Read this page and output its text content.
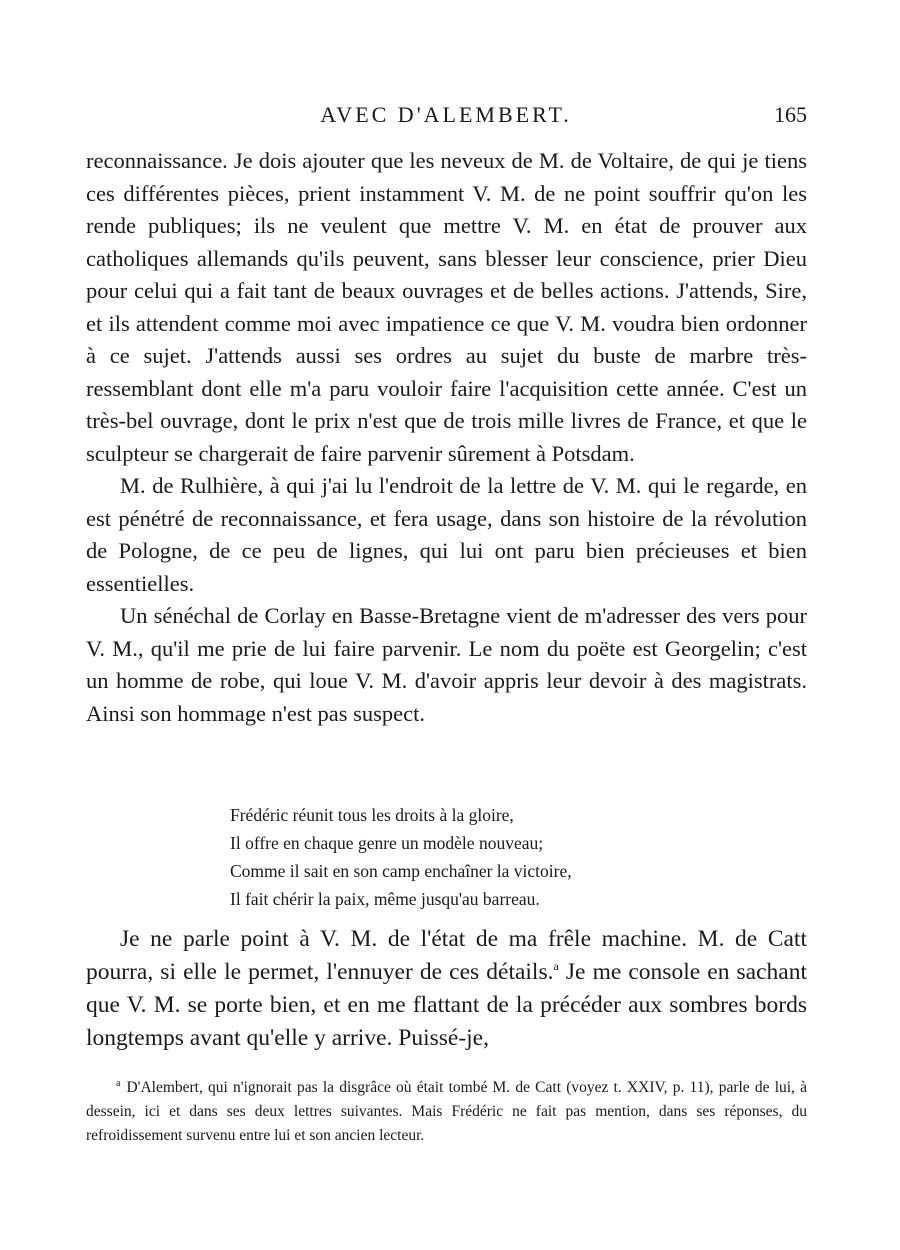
AVEC D'ALEMBERT.	165

reconnaissance. Je dois ajouter que les neveux de M. de Voltaire, de qui je tiens ces différentes pièces, prient instamment V. M. de ne point souffrir qu'on les rende publiques; ils ne veulent que mettre V. M. en état de prouver aux catholiques allemands qu'ils peuvent, sans blesser leur conscience, prier Dieu pour celui qui a fait tant de beaux ouvrages et de belles actions. J'attends, Sire, et ils attendent comme moi avec impatience ce que V. M. voudra bien ordonner à ce sujet. J'attends aussi ses ordres au sujet du buste de marbre très-ressemblant dont elle m'a paru vouloir faire l'acquisition cette année. C'est un très-bel ouvrage, dont le prix n'est que de trois mille livres de France, et que le sculpteur se chargerait de faire parvenir sûrement à Potsdam.

M. de Rulhière, à qui j'ai lu l'endroit de la lettre de V. M. qui le regarde, en est pénétré de reconnaissance, et fera usage, dans son histoire de la révolution de Pologne, de ce peu de lignes, qui lui ont paru bien précieuses et bien essentielles.

Un sénéchal de Corlay en Basse-Bretagne vient de m'adresser des vers pour V. M., qu'il me prie de lui faire parvenir. Le nom du poëte est Georgelin; c'est un homme de robe, qui loue V. M. d'avoir appris leur devoir à des magistrats. Ainsi son hommage n'est pas suspect.

Frédéric réunit tous les droits à la gloire,
Il offre en chaque genre un modèle nouveau;
Comme il sait en son camp enchaîner la victoire,
Il fait chérir la paix, même jusqu'au barreau.

Je ne parle point à V. M. de l'état de ma frêle machine. M. de Catt pourra, si elle le permet, l'ennuyer de ces détails.$^a$ Je me console en sachant que V. M. se porte bien, et en me flattant de la précéder aux sombres bords longtemps avant qu'elle y arrive. Puissé-je,

$^a$ D'Alembert, qui n'ignorait pas la disgrâce où était tombé M. de Catt (voyez t. XXIV, p. 11), parle de lui, à dessein, ici et dans ses deux lettres suivantes. Mais Frédéric ne fait pas mention, dans ses réponses, du refroidissement survenu entre lui et son ancien lecteur.
